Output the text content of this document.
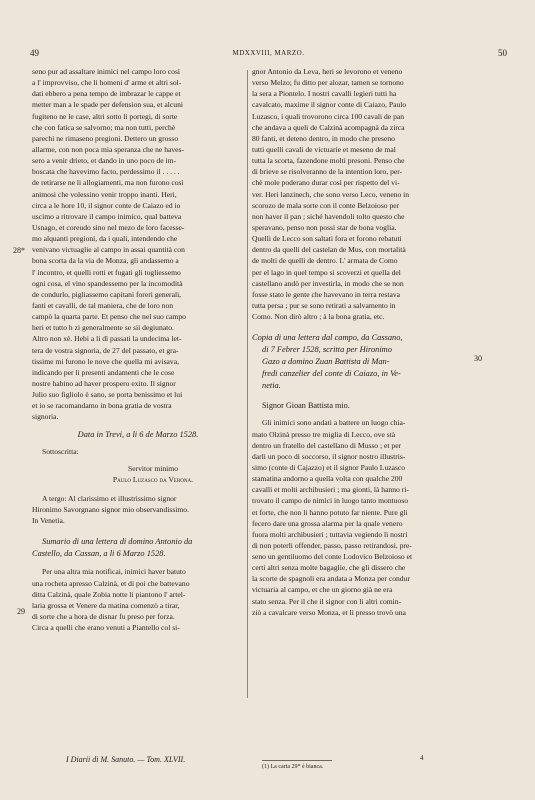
49	MDXXVIII, MARZO.	50
28*
29
30
seno pur ad assaltare inimici nel campo loro così
a l' improvviso, che li homeni d' arme et altri sol-
dati ebbero a pena tempo de imbrazar le cappe et
metter man a le spade per defension sua, et alcuni
fugiteno ne le case, altri sotto li portegi, di sorte
che con fatica se salvorno; ma non tutti, perchè
parechi ne rimaseno pregioni. Dettero un grosso
allarme, con non poca mia speranza che ne haves-
sero a venir drieto, et dando in uno poco de im-
boscata che havevimo facto, perdessimo il . . . . .
de retirarse ne li allogiamenti, ma non furono così
animosi che volessino venir troppo inanti. Heri,
circa a le hore 10, il signor conte de Caiazo ed io
uscimo a ritrovare il campo inimico, qual batteva
Usnago, et coreudo sino nel mezo de loro facesse-
mo alquanti pregioni, da i quali, intendendo che
venivano victuaglie al campo in assai quantità con
bona scorta da la via de Monza, gli andassemo a
l' incontro, et quelli rotti et fugati gli togliessemo
ogni cosa, el vino spandessemo per la incomodità
de condurlo, pigliassemo capitani foreri generali,
fanti et cavalli, de tal maniera, che de loro non
campò la quarta parte. Et penso che nel suo campo
heri et tutto h zi generalmente se sii degiunato.
Altro non xè. Hebi a li dì passati la undecima let-
tera de vostra signoria, de 27 del passato, et gra-
tissime mi furono le nove che quella mi avisava,
indicando per li presenti andamenti che le cose
nostre habino ad haver prospero exito. Il signor
Julio suo figliolo è sano, se porta benissimo et lui
et io se racomandamo in bona gratia de vostra
signoria.
Data in Trevi, a li 6 de Marzo 1528.
Sottoscritta:
Servitor minimo
Paulo Luzasco da Verona.
A tergo: Al clarissimo et illustrissimo signor
Hironimo Savorgnano signor mio observandissimo.
In Venetia.
Sumario di una lettera di domino Antonio da
Castello, da Cassan, a li 6 Marzo 1528.
Per una altra mia notificai, inimici haver batuto
una rocheta apresso Calzinà, et di poi che battevano
ditta Calzinà, quale Zobia notte li piantono l' artel-
laria grossa et Venere da matina comenzò a tirar,
di sorte che a hora de disnar fu preso per forza.
Circa a quelli che erano venuti a Piantello col si-
gnor Antonio da Leva, heri se levorono et veneno
verso Melzo; fu ditto per alozar, tamen se tornono
la sera a Piontelo. I nostri cavalli legieri tutti ha
cavalcato, maxime il signor conte di Caiazo, Paulo
Luzasco, i quali trovorono circa 100 cavali de pan
che andava a queli de Calzinà acompagnà da zirca
80 fanti, et deteno dentro, in modo che preseno
tutti quelli cavali de victuarie et meseno de mal
tutta la scorta, fazendone molti presoni. Penso che
di brieve se risolveranno de la intention loro, per-
chè mole poderano durar così per rispetto del vi-
ver. Heri lanzinech, che sono verso Leco, veneno in
scorozo de mala sorte con il conte Belzoioso per
non haver il pan ; siché havendoli tolto questo che
speravano, penso non possi star de bona voglia.
Quelli de Lecco son saltati fora et forono rebatuti
dentro da quelli del castelan de Mus, con mortalità
de molti de quelli de dentro. L' armata de Como
per el lago in quel tempo si scoverzi et quella del
castellano andò per investirla, in modo che se non
fosse stato le gente che havevano in terra restava
tutta persa ; pur se sono retirati a salvamento in
Como. Non dirò altro ; à la bona gratia, etc.
Copia di una lettera dal campo, da Cassano,
di 7 Febrer 1528, scritta per Hironimo
Gazo a domino Zuan Battista di Man-
fredi canzelier del conte di Caiazo, in Ve-
netia.
Signor Gioan Battista mio.
Gli inimici sono andati a battere un luogo chia-
mato Olzinà presso tre miglia di Lecco, ove stà
dentro un fratello del castellano di Musso ; et per
darli un poco di soccorso, il signor nostro illustris-
simo (conte di Cajazzo) et il signor Paulo Luzasco
stamatina andorno a quella volta con qualche 200
cavalli et molti archibusieri ; ma gionti, là hanno ri-
trovato il campo de nimici in luogo tanto montuoso
et forte, che non li hanno potuto far niente. Pure gli
fecero dare una grossa alarma per la quale venero
fuora molti archibusieri ; tuttavia vegiendo li nostri
di non poterli offender, passo, passo retirandosi, pre-
seno un gentiluomo del conte Lodovico Belzoioso et
certi altri senza molte bagaglie, che gli dissero che
la scorte de spagnoli era andata a Monza per condur
victuaria al campo, et che un giorno già ne era
stato senza. Per il che il signor con li altri comin-
ziò a cavalcare verso Monza, et li presso trovò una
I Diarii di M. Sanuto. — Tom. XLVII.
(1) La carta 29* è bianca.
4
